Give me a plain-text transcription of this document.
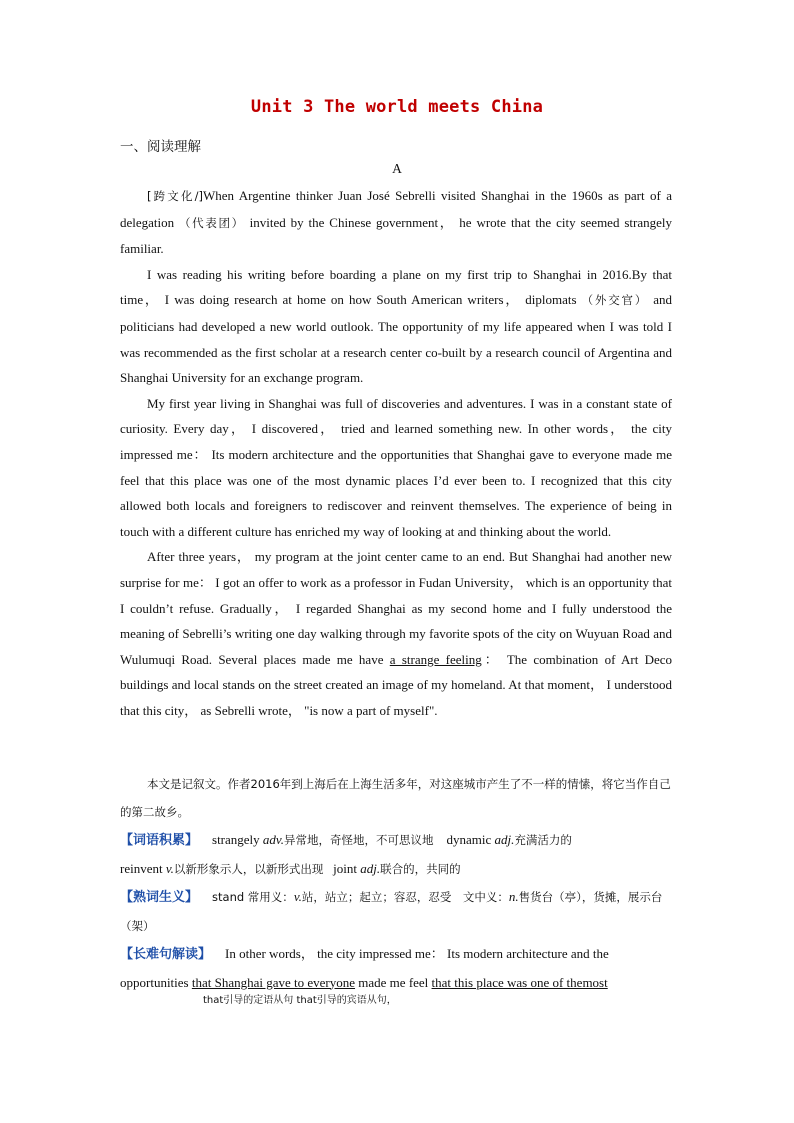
Unit 3 The world meets China
一、阅读理解
A

[跨文化/]When Argentine thinker Juan José Sebrelli visited Shanghai in the 1960s as part of a delegation （代表团） invited by the Chinese government， he wrote that the city seemed strangely familiar.

I was reading his writing before boarding a plane on my first trip to Shanghai in 2016.By that time， I was doing research at home on how South American writers， diplomats （外交官） and politicians had developed a new world outlook. The opportunity of my life appeared when I was told I was recommended as the first scholar at a research center co-built by a research council of Argentina and Shanghai University for an exchange program.

My first year living in Shanghai was full of discoveries and adventures. I was in a constant state of curiosity. Every day， I discovered， tried and learned something new. In other words， the city impressed me： Its modern architecture and the opportunities that Shanghai gave to everyone made me feel that this place was one of the most dynamic places I’d ever been to. I recognized that this city allowed both locals and foreigners to rediscover and reinvent themselves. The experience of being in touch with a different culture has enriched my way of looking at and thinking about the world.

After three years， my program at the joint center came to an end. But Shanghai had another new surprise for me： I got an offer to work as a professor in Fudan University， which is an opportunity that I couldn’t refuse. Gradually， I regarded Shanghai as my second home and I fully understood the meaning of Sebrelli’s writing one day walking through my favorite spots of the city on Wuyuan Road and Wulumuqi Road. Several places made me have a strange feeling： The combination of Art Deco buildings and local stands on the street created an image of my homeland. At that moment， I understood that this city， as Sebrelli wrote， "is now a part of myself".

本文是记叙文。作者2016年到上海后在上海生活多年，对这座城市产生了不一样的情愫，将它当作自己的第二故乡。

【词语积累】 strangely adv.异常地，奇怪地，不可思议地 dynamic adj.充满活力的
reinvent v.以新形象示人，以新形式出现 joint adj.联合的，共同的

【熟词生义】 stand 常用义：v.站，站立；起立；容忍，忍受　文中义：n.售货台（亭），货摊，展示台（架）

【长难句解读】 In other words， the city impressed me： Its modern architecture and the opportunities that Shanghai gave to everyone made me feel that this place was one of themost

that引导的定语从句 that引导的宾语从句，
